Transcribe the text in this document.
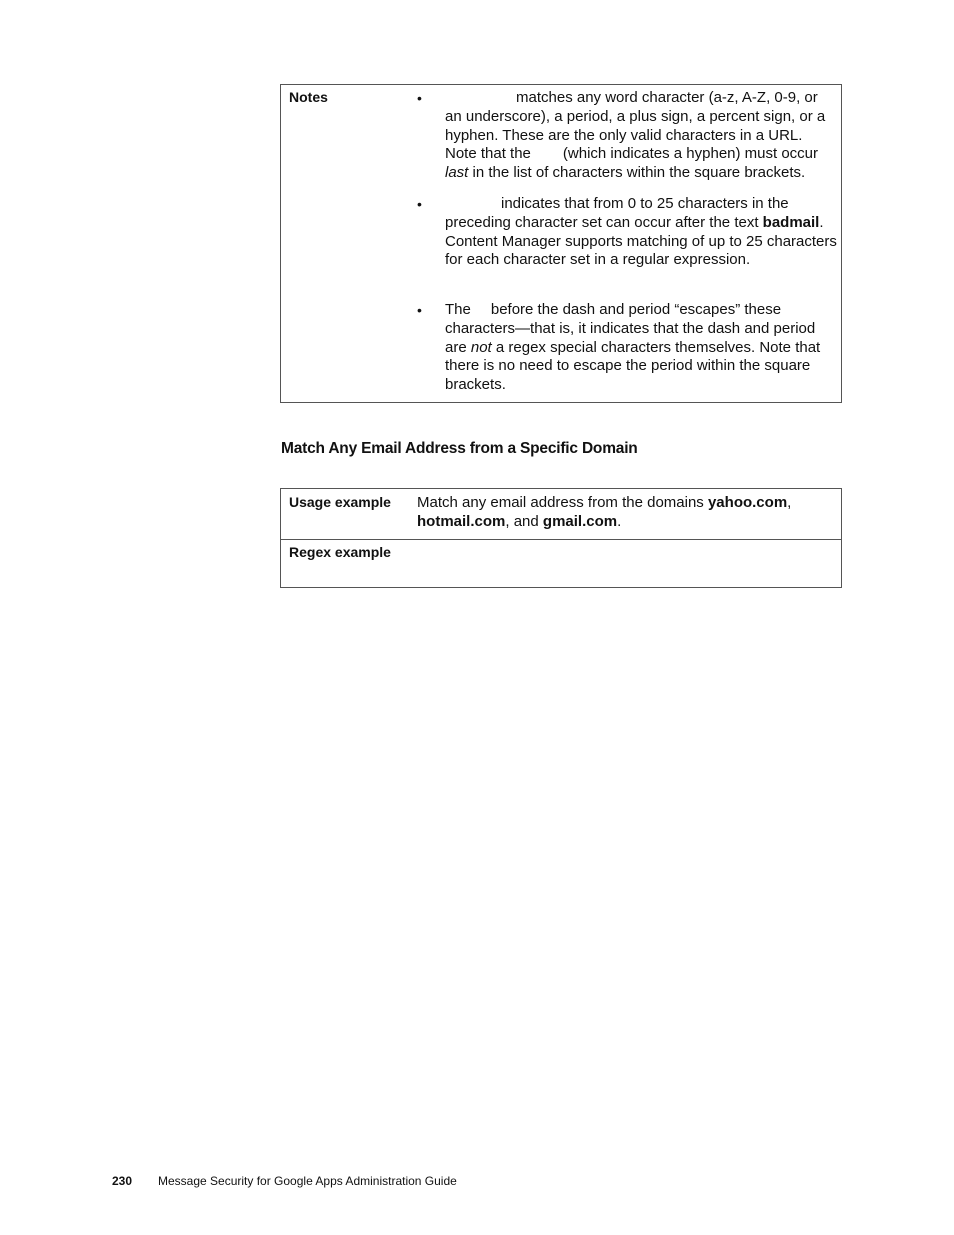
Notes	•	matches any word character (a-z, A-Z, 0-9, or an underscore), a period, a plus sign, a percent sign, or a hyphen. These are the only valid characters in a URL. Note that the (which indicates a hyphen) must occur last in the list of characters within the square brackets.
•	indicates that from 0 to 25 characters in the preceding character set can occur after the text badmail. Content Manager supports matching of up to 25 characters for each character set in a regular expression.
• The before the dash and period “escapes” these characters—that is, it indicates that the dash and period are not a regex special characters themselves. Note that there is no need to escape the period within the square brackets.
Match Any Email Address from a Specific Domain
Usage example Match any email address from the domains yahoo.com, hotmail.com, and gmail.com.
Regex example
230 Message Security for Google Apps Administration Guide
